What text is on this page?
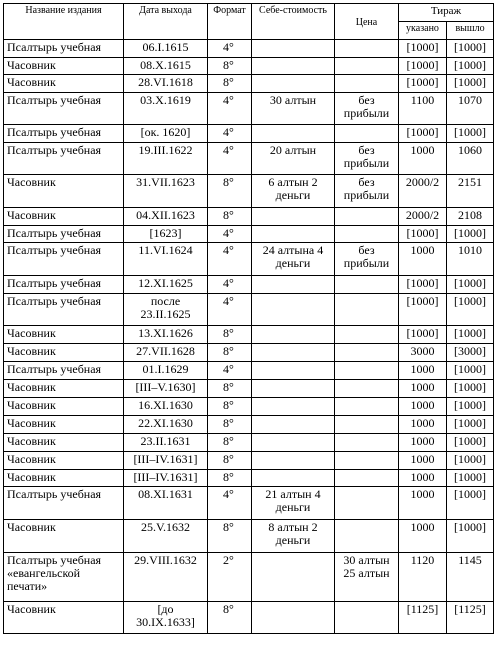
Название издания	Дата выхода	Формат	Себе-стоимость	Цена	Тираж	
					указано	вышло
Псалтырь учебная	06.I.1615	4°			[1000]	[1000]
Часовник	08.X.1615	8°			[1000]	[1000]
Часовник	28.VI.1618	8°			[1000]	[1000]
Псалтырь учебная	03.X.1619	4°	30 алтын	без прибыли	1100	1070
Псалтырь учебная	[ок. 1620]	4°			[1000]	[1000]
Псалтырь учебная	19.III.1622	4°	20 алтын	без прибыли	1000	1060
Часовник	31.VII.1623	8°	6 алтын 2 деньги	без прибыли	2000/2	2151
Часовник	04.XII.1623	8°			2000/2	2108
Псалтырь учебная	[1623]	4°			[1000]	[1000]
Псалтырь учебная	11.VI.1624	4°	24 алтына 4 деньги	без прибыли	1000	1010
Псалтырь учебная	12.XI.1625	4°			[1000]	[1000]
Псалтырь учебная	после 23.II.1625	4°			[1000]	[1000]
Часовник	13.XI.1626	8°			[1000]	[1000]
Часовник	27.VII.1628	8°			3000	[3000]
Псалтырь учебная	01.I.1629	4°			1000	[1000]
Часовник	[III–V.1630]	8°			1000	[1000]
Часовник	16.XI.1630	8°			1000	[1000]
Часовник	22.XI.1630	8°			1000	[1000]
Часовник	23.II.1631	8°			1000	[1000]
Часовник	[III–IV.1631]	8°			1000	[1000]
Часовник	[III–IV.1631]	8°			1000	[1000]
Псалтырь учебная	08.XI.1631	4°	21 алтын 4 деньги		1000	[1000]
Часовник	25.V.1632	8°	8 алтын 2 деньги		1000	[1000]
Псалтырь учебная «евангельской печати»	29.VIII.1632	2°		30 алтын 25 алтын	1120	1145
Часовник	[до 30.IX.1633]	8°			[1125]	[1125]
